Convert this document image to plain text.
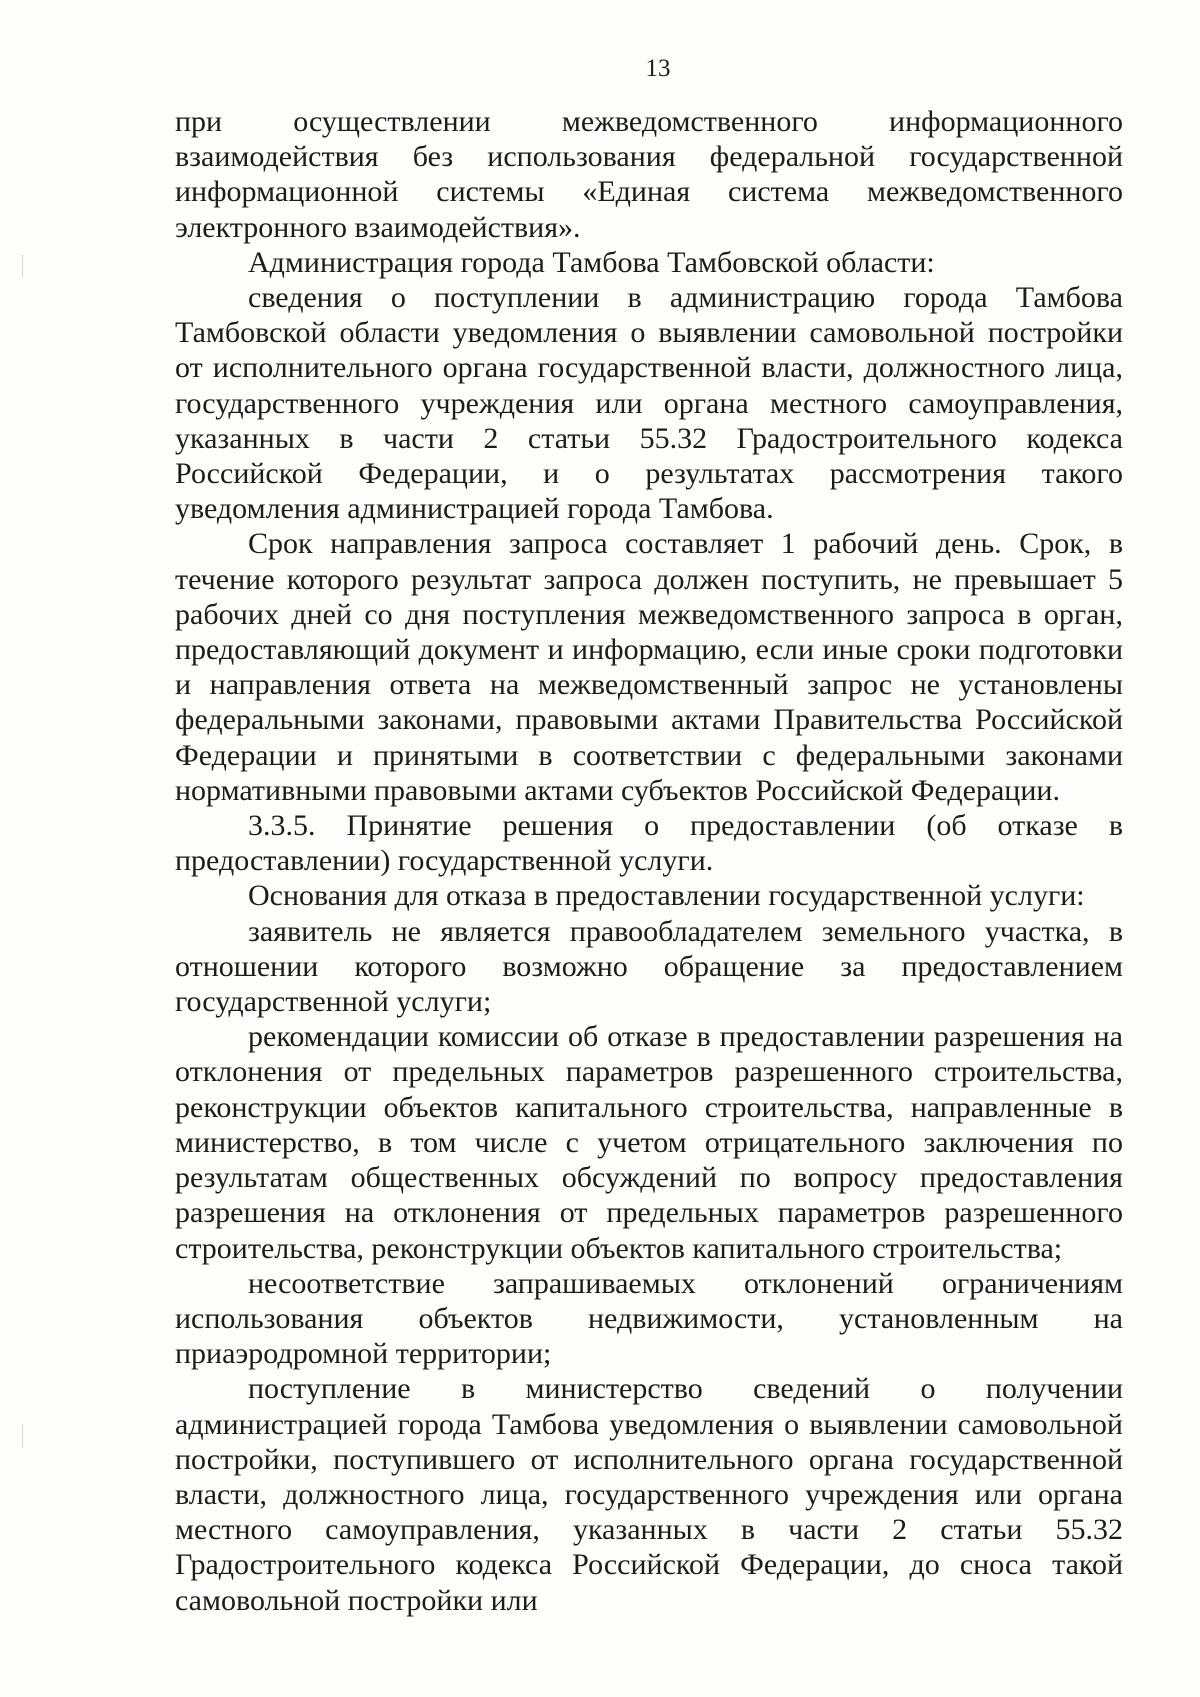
13

при осуществлении межведомственного информационного взаимодействия без использования федеральной государственной информационной системы «Единая система межведомственного электронного взаимодействия».

Администрация города Тамбова Тамбовской области:

сведения о поступлении в администрацию города Тамбова Тамбовской области уведомления о выявлении самовольной постройки от исполнительного органа государственной власти, должностного лица, государственного учреждения или органа местного самоуправления, указанных в части 2 статьи 55.32 Градостроительного кодекса Российской Федерации, и о результатах рассмотрения такого уведомления администрацией города Тамбова.

Срок направления запроса составляет 1 рабочий день. Срок, в течение которого результат запроса должен поступить, не превышает 5 рабочих дней со дня поступления межведомственного запроса в орган, предоставляющий документ и информацию, если иные сроки подготовки и направления ответа на межведомственный запрос не установлены федеральными законами, правовыми актами Правительства Российской Федерации и принятыми в соответствии с федеральными законами нормативными правовыми актами субъектов Российской Федерации.

3.3.5. Принятие решения о предоставлении (об отказе в предоставлении) государственной услуги.

Основания для отказа в предоставлении государственной услуги:

заявитель не является правообладателем земельного участка, в отношении которого возможно обращение за предоставлением государственной услуги;

рекомендации комиссии об отказе в предоставлении разрешения на отклонения от предельных параметров разрешенного строительства, реконструкции объектов капитального строительства, направленные в министерство, в том числе с учетом отрицательного заключения по результатам общественных обсуждений по вопросу предоставления разрешения на отклонения от предельных параметров разрешенного строительства, реконструкции объектов капитального строительства;

несоответствие запрашиваемых отклонений ограничениям использования объектов недвижимости, установленным на приаэродромной территории;

поступление в министерство сведений о получении администрацией города Тамбова уведомления о выявлении самовольной постройки, поступившего от исполнительного органа государственной власти, должностного лица, государственного учреждения или органа местного самоуправления, указанных в части 2 статьи 55.32 Градостроительного кодекса Российской Федерации, до сноса такой самовольной постройки или
